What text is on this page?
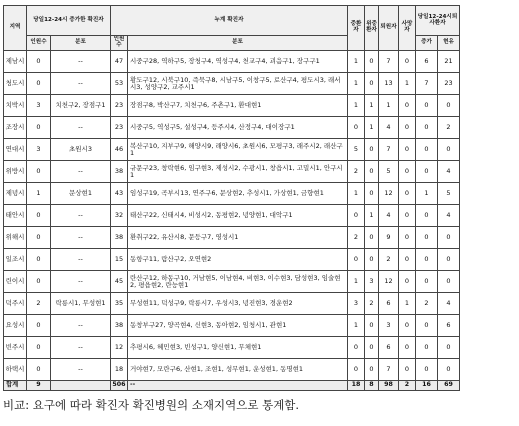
지역	당일12-24시 증가한 확진자		누계 확진자		중환자	위중환자	퇴원자	사망자	당일12-24시퇴사환자	
	인원수	분포	인원수	분포					증가	현유
제남시	0	--	47	시중구28, 역하구5, 장청구4, 역성구4, 천교구4, 괴음구1, 장구구1	1	0	7	0	6	21
청도시	0	--	53	황도구12, 시북구10, 즉묵구8, 시남구5, 이창구5, 로산구4, 평도시3, 래서시3, 성양구2, 교주시1	1	0	13	1	7	23
치박시	3	치천구2, 장점구1	23	장점구8, 박산구7, 치천구6, 주촌구1, 환대현1	1	1	1	0	0	0
조장시	0	--	23	시중구5, 역성구5, 설성구4, 등주시4, 산정구4, 대이장구1	0	1	4	0	0	2
연대시	3	초원시3	46	복산구10, 지부구9, 해양시9, 래양시6, 초원시6, 모평구3, 래주시2, 래산구1	5	0	7	0	0	0
위방시	0	--	38	규문구23, 창락현6, 임구현3, 제성시2, 수광시1, 창읍시1, 고밀시1, 안구시1	2	0	5	0	0	4
제녕시	1	문상현1	43	임성구19, 곡부시13, 연주구6, 문상현2, 추성시1, 가상현1, 금향현1	1	0	12	0	1	5
태안시	0	--	32	태산구22, 신태시4, 비성시2, 동평현2, 녕양현1, 대악구1	0	1	4	0	0	4
위해시	0	--	38	환취구22, 유산시8, 문등구7, 영성시1	2	0	9	0	0	0
일조시	0	--	15	동항구11, 람산구2, 오연현2	0	0	2	0	0	0
린이시	0	--	45	란산구12, 하동구10, 거남현5, 이남현4, 비현3, 이수현3, 담성현3, 임술현2, 평읍현2, 란능현1	1	3	12	0	0	0
덕주시	2	락릉시1, 무성현1	35	무성현11, 덕성구9, 락릉시7, 우성시3, 녕진현3, 경운현2	3	2	6	1	2	4
요성시	0	--	38	동창부구27, 양곡현4, 신현3, 동아현2, 임청시1, 관현1	1	0	3	0	0	6
빈주시	0	--	12	추평시6, 혜민현3, 빈성구1, 양신현1, 무체현1	0	0	6	0	0	0
하택시	0	--	18	거야현7, 모란구6, 산현1, 조현1, 성무현1, 운성현1, 동명현1	0	0	7	0	0	0
합계	9		506	--	18	8	98	2	16	69
비교: 요구에 따라 확진자 확진병원의 소재지역으로 통계함.
